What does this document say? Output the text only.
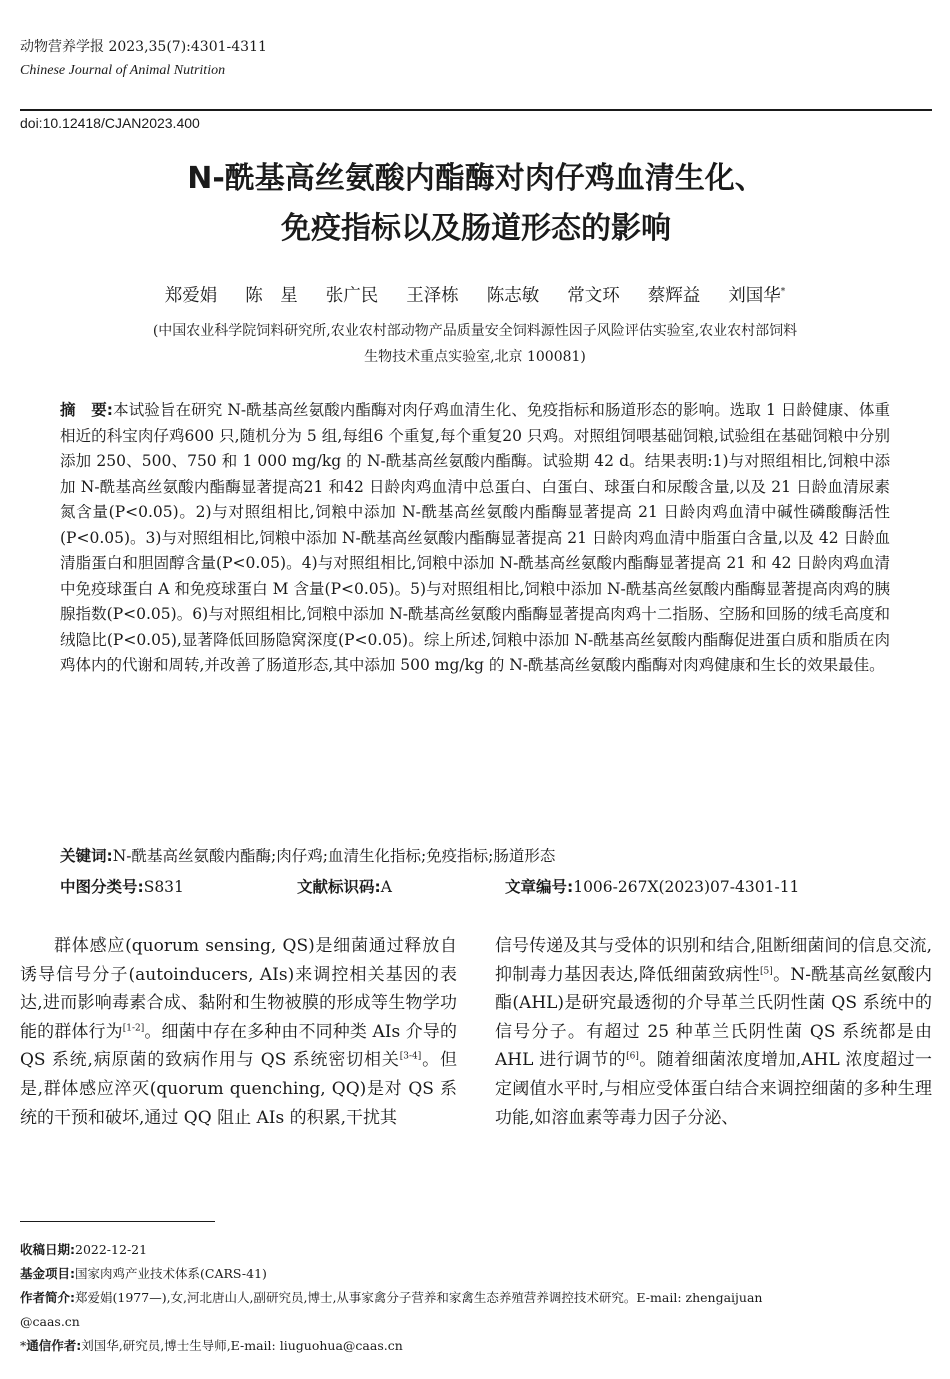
动物营养学报 2023,35(7):4301-4311
Chinese Journal of Animal Nutrition
doi:10.12418/CJAN2023.400
N-酰基高丝氨酸内酯酶对肉仔鸡血清生化、
免疫指标以及肠道形态的影响
郑爱娟 陈　星 张广民 王泽栋 陈志敏 常文环 蔡辉益 刘国华*
(中国农业科学院饲料研究所,农业农村部动物产品质量安全饲料源性因子风险评估实验室,农业农村部饲料
生物技术重点实验室,北京 100081)
摘　要:本试验旨在研究 N-酰基高丝氨酸内酯酶对肉仔鸡血清生化、免疫指标和肠道形态的影响。选取 1 日龄健康、体重相近的科宝肉仔鸡600 只,随机分为 5 组,每组6 个重复,每个重复20 只鸡。对照组饲喂基础饲粮,试验组在基础饲粮中分别添加 250、500、750 和 1 000 mg/kg 的 N-酰基高丝氨酸内酯酶。试验期 42 d。结果表明:1)与对照组相比,饲粮中添加 N-酰基高丝氨酸内酯酶显著提高21 和42 日龄肉鸡血清中总蛋白、白蛋白、球蛋白和尿酸含量,以及 21 日龄血清尿素氮含量(P<0.05)。2)与对照组相比,饲粮中添加 N-酰基高丝氨酸内酯酶显著提高 21 日龄肉鸡血清中碱性磷酸酶活性(P<0.05)。3)与对照组相比,饲粮中添加 N-酰基高丝氨酸内酯酶显著提高 21 日龄肉鸡血清中脂蛋白含量,以及 42 日龄血清脂蛋白和胆固醇含量(P<0.05)。4)与对照组相比,饲粮中添加 N-酰基高丝氨酸内酯酶显著提高 21 和 42 日龄肉鸡血清中免疫球蛋白 A 和免疫球蛋白 M 含量(P<0.05)。5)与对照组相比,饲粮中添加 N-酰基高丝氨酸内酯酶显著提高肉鸡的胰腺指数(P<0.05)。6)与对照组相比,饲粮中添加 N-酰基高丝氨酸内酯酶显著提高肉鸡十二指肠、空肠和回肠的绒毛高度和绒隐比(P<0.05),显著降低回肠隐窝深度(P<0.05)。综上所述,饲粮中添加 N-酰基高丝氨酸内酯酶促进蛋白质和脂质在肉鸡体内的代谢和周转,并改善了肠道形态,其中添加 500 mg/kg 的 N-酰基高丝氨酸内酯酶对肉鸡健康和生长的效果最佳。
关键词:N-酰基高丝氨酸内酯酶;肉仔鸡;血清生化指标;免疫指标;肠道形态
中图分类号:S831	文献标识码:A	文章编号:1006-267X(2023)07-4301-11
群体感应(quorum sensing, QS)是细菌通过释放自诱导信号分子(autoinducers, AIs)来调控相关基因的表达,进而影响毒素合成、黏附和生物被膜的形成等生物学功能的群体行为[1-2]。细菌中存在多种由不同种类 AIs 介导的 QS 系统,病原菌的致病作用与 QS 系统密切相关[3-4]。但是,群体感应淬灭(quorum quenching, QQ)是对 QS 系统的干预和破坏,通过 QQ 阻止 AIs 的积累,干扰其
信号传递及其与受体的识别和结合,阻断细菌间的信息交流,抑制毒力基因表达,降低细菌致病性[5]。N-酰基高丝氨酸内酯(AHL)是研究最透彻的介导革兰氏阴性菌 QS 系统中的信号分子。有超过 25 种革兰氏阴性菌 QS 系统都是由 AHL 进行调节的[6]。随着细菌浓度增加,AHL 浓度超过一定阈值水平时,与相应受体蛋白结合来调控细菌的多种生理功能,如溶血素等毒力因子分泌、
收稿日期:2022-12-21
基金项目:国家肉鸡产业技术体系(CARS-41)
作者简介:郑爱娟(1977—),女,河北唐山人,副研究员,博士,从事家禽分子营养和家禽生态养殖营养调控技术研究。E-mail: zhengaijuan
@caas.cn
*通信作者:刘国华,研究员,博士生导师,E-mail: liuguohua@caas.cn
